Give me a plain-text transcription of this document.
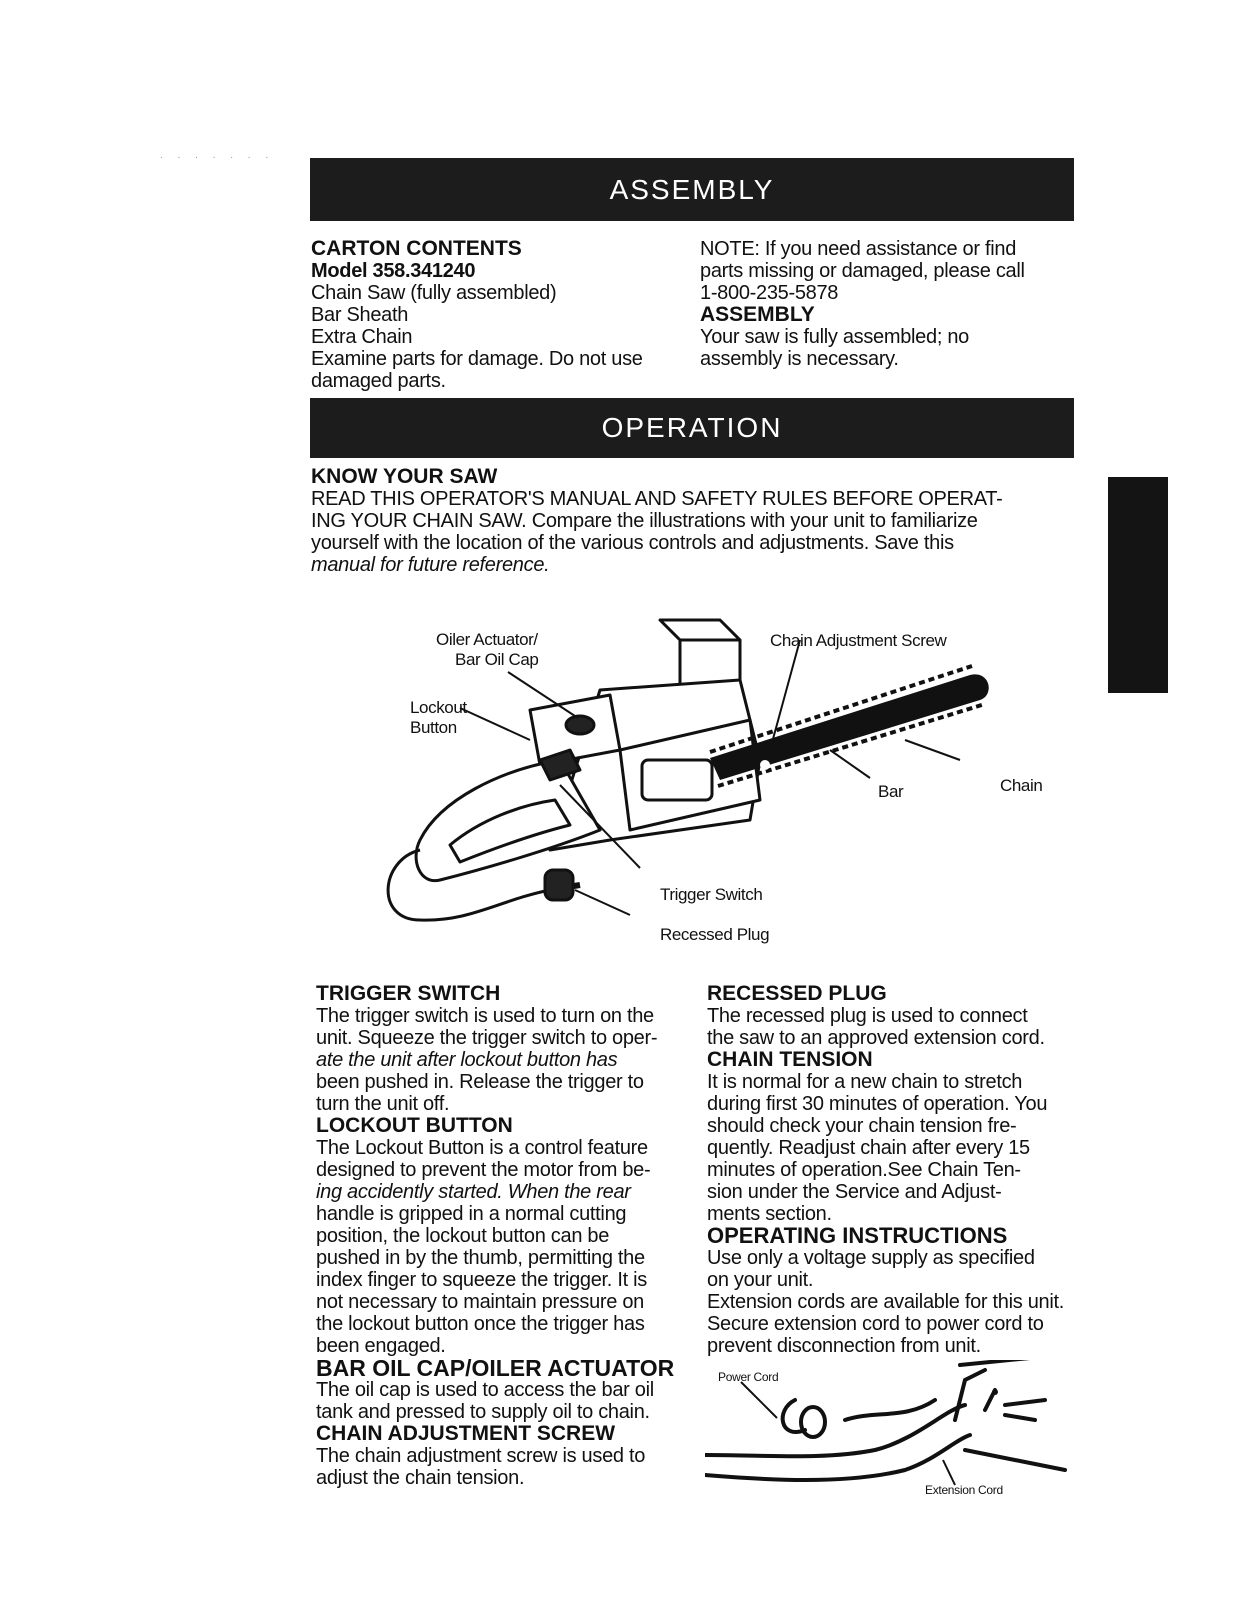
. . . . . . .
ASSEMBLY
CARTON CONTENTS
Model 358.341240
Chain Saw (fully assembled)
Bar Sheath
Extra Chain
Examine parts for damage. Do not use
damaged parts.
NOTE: If you need assistance or find
parts missing or damaged, please call
1-800-235-5878
ASSEMBLY
Your saw is fully assembled; no
assembly is necessary.
OPERATION
KNOW YOUR SAW
READ THIS OPERATOR'S MANUAL AND SAFETY RULES BEFORE OPERAT-
ING YOUR CHAIN SAW. Compare the illustrations with your unit to familiarize
yourself with the location of the various controls and adjustments. Save this
manual for future reference.
Oiler Actuator/
Bar Oil Cap
Lockout
Button
Chain Adjustment Screw
Chain
Bar
Trigger Switch
Recessed Plug
TRIGGER SWITCH
The trigger switch is used to turn on the
unit. Squeeze the trigger switch to oper-
ate the unit after lockout button has
been pushed in. Release the trigger to
turn the unit off.
LOCKOUT BUTTON
The Lockout Button is a control feature
designed to prevent the motor from be-
ing accidently started. When the rear
handle is gripped in a normal cutting
position, the lockout button can be
pushed in by the thumb, permitting the
index finger to squeeze the trigger. It is
not necessary to maintain pressure on
the lockout button once the trigger has
been engaged.
BAR OIL CAP/OILER ACTUATOR
The oil cap is used to access the bar oil
tank and pressed to supply oil to chain.
CHAIN ADJUSTMENT SCREW
The chain adjustment screw is used to
adjust the chain tension.
RECESSED PLUG
The recessed plug is used to connect
the saw to an approved extension cord.
CHAIN TENSION
It is normal for a new chain to stretch
during first 30 minutes of operation. You
should check your chain tension fre-
quently. Readjust chain after every 15
minutes of operation.See Chain Ten-
sion under the Service and Adjust-
ments section.
OPERATING INSTRUCTIONS
Use only a voltage supply as specified
on your unit.
Extension cords are available for this unit.
Secure extension cord to power cord to
prevent disconnection from unit.
Power Cord
Extension Cord
